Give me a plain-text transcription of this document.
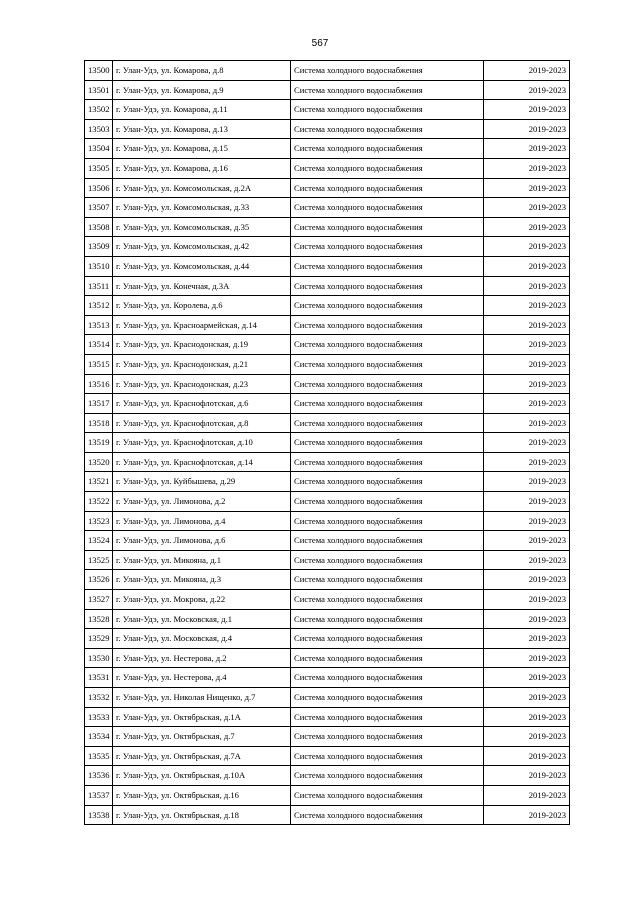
567
13500	г. Улан-Удэ, ул. Комарова, д.8	Система холодного водоснабжения	2019-2023
13501	г. Улан-Удэ, ул. Комарова, д.9	Система холодного водоснабжения	2019-2023
13502	г. Улан-Удэ, ул. Комарова, д.11	Система холодного водоснабжения	2019-2023
13503	г. Улан-Удэ, ул. Комарова, д.13	Система холодного водоснабжения	2019-2023
13504	г. Улан-Удэ, ул. Комарова, д.15	Система холодного водоснабжения	2019-2023
13505	г. Улан-Удэ, ул. Комарова, д.16	Система холодного водоснабжения	2019-2023
13506	г. Улан-Удэ, ул. Комсомольская, д.2А	Система холодного водоснабжения	2019-2023
13507	г. Улан-Удэ, ул. Комсомольская, д.33	Система холодного водоснабжения	2019-2023
13508	г. Улан-Удэ, ул. Комсомольская, д.35	Система холодного водоснабжения	2019-2023
13509	г. Улан-Удэ, ул. Комсомольская, д.42	Система холодного водоснабжения	2019-2023
13510	г. Улан-Удэ, ул. Комсомольская, д.44	Система холодного водоснабжения	2019-2023
13511	г. Улан-Удэ, ул. Конечная, д.3А	Система холодного водоснабжения	2019-2023
13512	г. Улан-Удэ, ул. Королева, д.6	Система холодного водоснабжения	2019-2023
13513	г. Улан-Удэ, ул. Красноармейская, д.14	Система холодного водоснабжения	2019-2023
13514	г. Улан-Удэ, ул. Краснодонская, д.19	Система холодного водоснабжения	2019-2023
13515	г. Улан-Удэ, ул. Краснодонская, д.21	Система холодного водоснабжения	2019-2023
13516	г. Улан-Удэ, ул. Краснодонская, д.23	Система холодного водоснабжения	2019-2023
13517	г. Улан-Удэ, ул. Краснофлотская, д.6	Система холодного водоснабжения	2019-2023
13518	г. Улан-Удэ, ул. Краснофлотская, д.8	Система холодного водоснабжения	2019-2023
13519	г. Улан-Удэ, ул. Краснофлотская, д.10	Система холодного водоснабжения	2019-2023
13520	г. Улан-Удэ, ул. Краснофлотская, д.14	Система холодного водоснабжения	2019-2023
13521	г. Улан-Удэ, ул. Куйбышева, д.29	Система холодного водоснабжения	2019-2023
13522	г. Улан-Удэ, ул. Лимонова, д.2	Система холодного водоснабжения	2019-2023
13523	г. Улан-Удэ, ул. Лимонова, д.4	Система холодного водоснабжения	2019-2023
13524	г. Улан-Удэ, ул. Лимонова, д.6	Система холодного водоснабжения	2019-2023
13525	г. Улан-Удэ, ул. Микояна, д.1	Система холодного водоснабжения	2019-2023
13526	г. Улан-Удэ, ул. Микояна, д.3	Система холодного водоснабжения	2019-2023
13527	г. Улан-Удэ, ул. Мокрова, д.22	Система холодного водоснабжения	2019-2023
13528	г. Улан-Удэ, ул. Московская, д.1	Система холодного водоснабжения	2019-2023
13529	г. Улан-Удэ, ул. Московская, д.4	Система холодного водоснабжения	2019-2023
13530	г. Улан-Удэ, ул. Нестерова, д.2	Система холодного водоснабжения	2019-2023
13531	г. Улан-Удэ, ул. Нестерова, д.4	Система холодного водоснабжения	2019-2023
13532	г. Улан-Удэ, ул. Николая Нищенко, д.7	Система холодного водоснабжения	2019-2023
13533	г. Улан-Удэ, ул. Октябрьская, д.1А	Система холодного водоснабжения	2019-2023
13534	г. Улан-Удэ, ул. Октябрьская, д.7	Система холодного водоснабжения	2019-2023
13535	г. Улан-Удэ, ул. Октябрьская, д.7А	Система холодного водоснабжения	2019-2023
13536	г. Улан-Удэ, ул. Октябрьская, д.10А	Система холодного водоснабжения	2019-2023
13537	г. Улан-Удэ, ул. Октябрьская, д.16	Система холодного водоснабжения	2019-2023
13538	г. Улан-Удэ, ул. Октябрьская, д.18	Система холодного водоснабжения	2019-2023
